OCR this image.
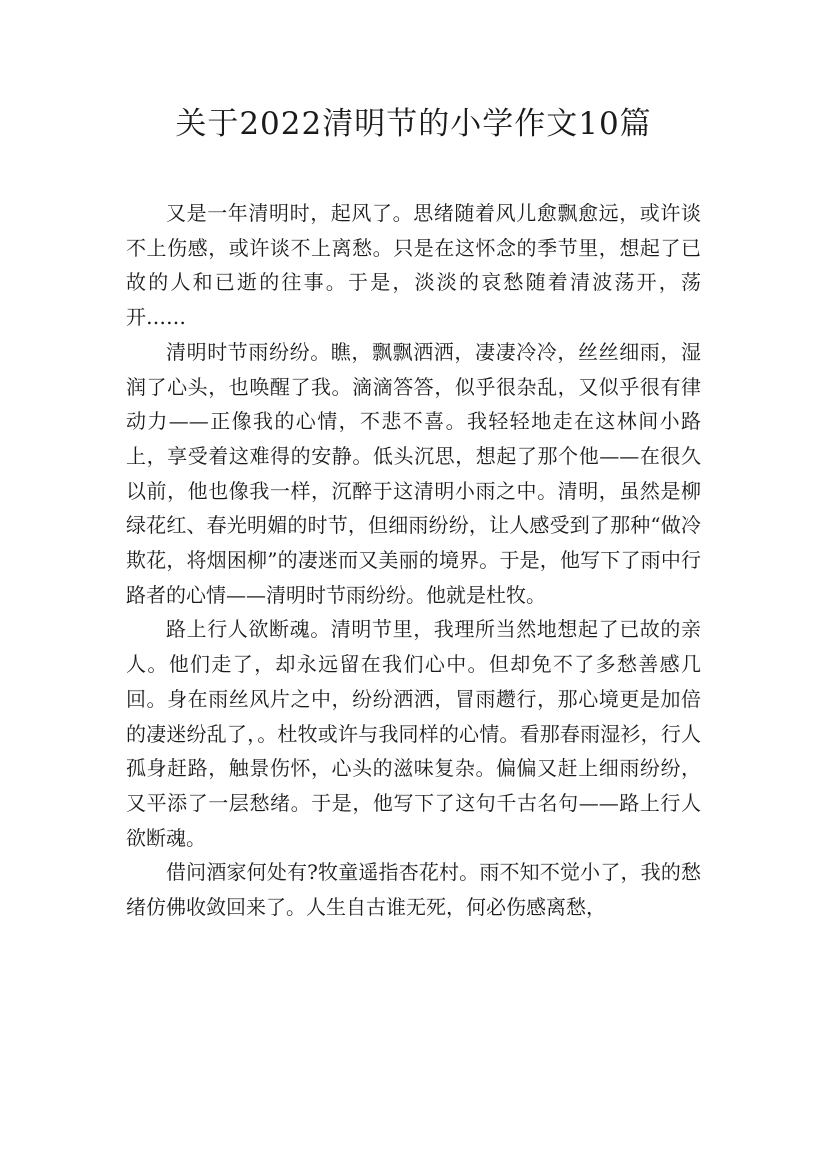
关于2022清明节的小学作文10篇

又是一年清明时，起风了。思绪随着风儿愈飘愈远，或许谈不上伤感，或许谈不上离愁。只是在这怀念的季节里，想起了已故的人和已逝的往事。于是，淡淡的哀愁随着清波荡开，荡开……

清明时节雨纷纷。瞧，飘飘洒洒，凄凄冷冷，丝丝细雨，湿润了心头，也唤醒了我。滴滴答答，似乎很杂乱，又似乎很有律动力——正像我的心情，不悲不喜。我轻轻地走在这林间小路上，享受着这难得的安静。低头沉思，想起了那个他——在很久以前，他也像我一样，沉醉于这清明小雨之中。清明，虽然是柳绿花红、春光明媚的时节，但细雨纷纷，让人感受到了那种“做冷欺花，将烟困柳”的凄迷而又美丽的境界。于是，他写下了雨中行路者的心情——清明时节雨纷纷。他就是杜牧。

路上行人欲断魂。清明节里，我理所当然地想起了已故的亲人。他们走了，却永远留在我们心中。但却免不了多愁善感几回。身在雨丝风片之中，纷纷洒洒，冒雨趱行，那心境更是加倍的凄迷纷乱了，。杜牧或许与我同样的心情。看那春雨湿衫，行人孤身赶路，触景伤怀，心头的滋味复杂。偏偏又赶上细雨纷纷，又平添了一层愁绪。于是，他写下了这句千古名句——路上行人欲断魂。

借问酒家何处有?牧童遥指杏花村。雨不知不觉小了，我的愁绪仿佛收敛回来了。人生自古谁无死，何必伤感离愁，
